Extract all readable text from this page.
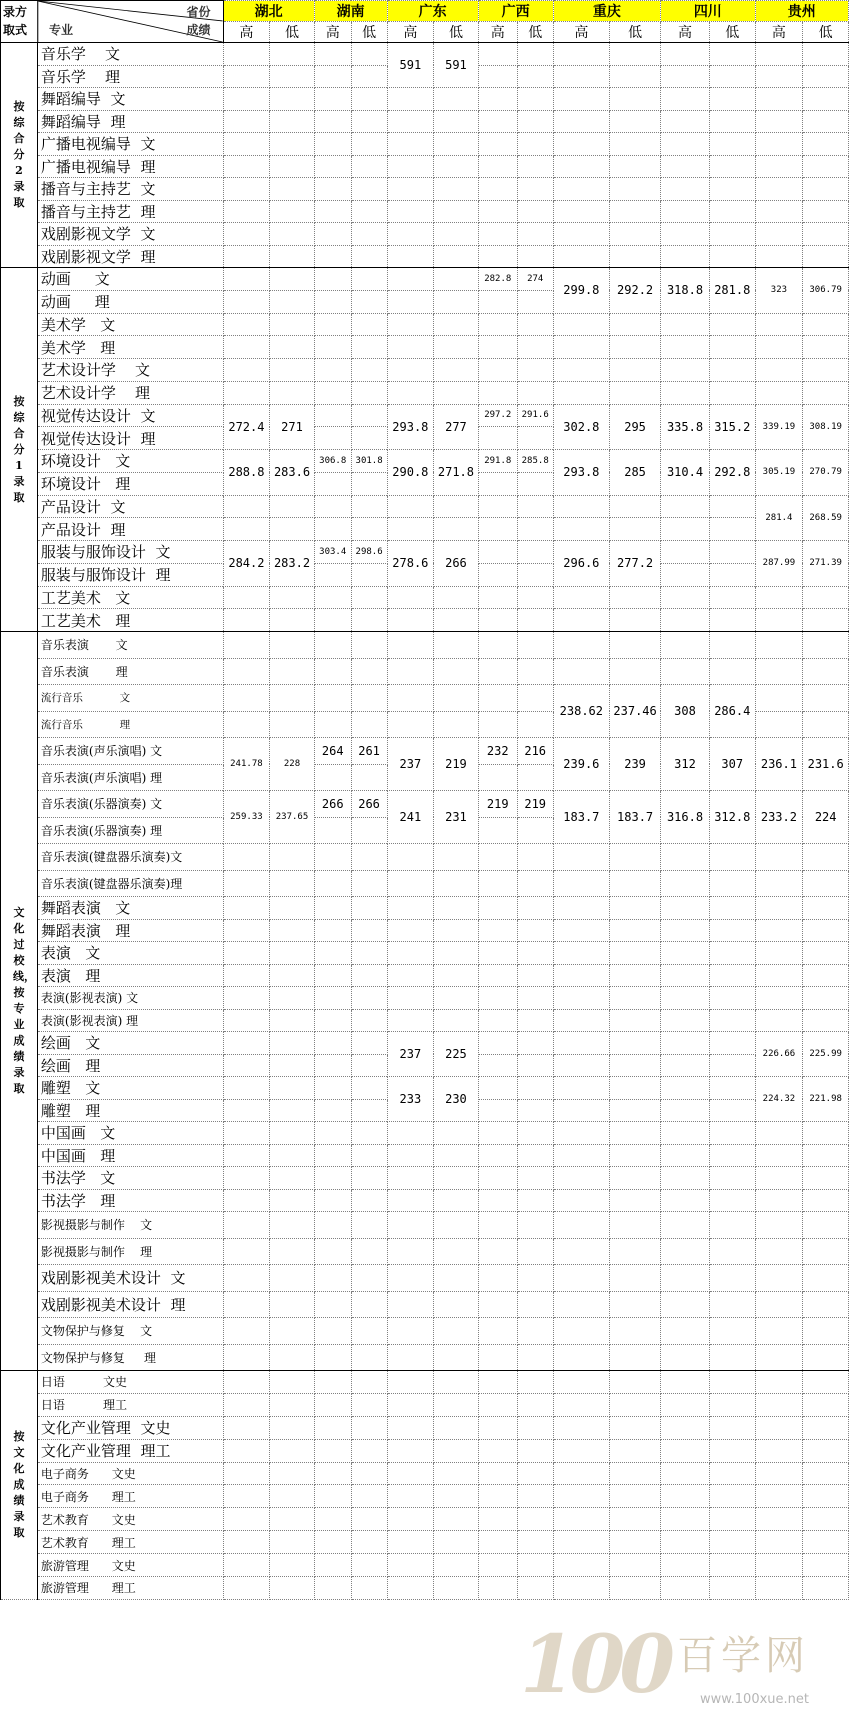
录方
取式
省份
专业 成绩		湖北		湖南		广东		广西		重庆		四川		贵州	
		高	低	高	低	高	低	高	低	高	低	高	低	高	低
按综合分2录取	音乐学    文					591	591								
	音乐学    理														
	舞蹈编导  文														
	舞蹈编导  理														
	广播电视编导  文														
	广播电视编导  理														
	播音与主持艺  文														
	播音与主持艺  理														
	戏剧影视文学  文														
	戏剧影视文学  理														
按综合分1录取	动画     文							282.8	274	299.8	292.2	318.8	281.8	323	306.79
	动画     理														
	美术学   文														
	美术学   理														
	艺术设计学    文														
	艺术设计学    理														
	视觉传达设计  文	272.4	271			293.8	277	297.2	291.6	302.8	295	335.8	315.2	339.19	308.19
	视觉传达设计  理														
	环境设计   文	288.8	283.6	306.8	301.8	290.8	271.8	291.8	285.8	293.8	285	310.4	292.8	305.19	270.79
	环境设计   理														
	产品设计  文													281.4	268.59
	产品设计  理														
	服装与服饰设计  文	284.2	283.2	303.4	298.6	278.6	266			296.6	277.2			287.99	271.39
	服装与服饰设计  理														
	工艺美术   文														
	工艺美术   理														
文化过校线，按专业成绩录取	音乐表演       文														
	音乐表演       理														
	流行音乐           文									238.62	237.46	308	286.4		
	流行音乐           理														
	音乐表演(声乐演唱) 文	241.78	228	264	261	237	219	232	216	239.6	239	312	307	236.1	231.6
	音乐表演(声乐演唱) 理														
	音乐表演(乐器演奏) 文	259.33	237.65	266	266	241	231	219	219	183.7	183.7	316.8	312.8	233.2	224
	音乐表演(乐器演奏) 理														
	音乐表演(键盘器乐演奏)文														
	音乐表演(键盘器乐演奏)理														
	舞蹈表演   文														
	舞蹈表演   理														
	表演   文														
	表演   理														
	表演(影视表演) 文														
	表演(影视表演) 理														
	绘画   文					237	225							226.66	225.99
	绘画   理														
	雕塑   文					233	230							224.32	221.98
	雕塑   理														
	中国画   文														
	中国画   理														
	书法学   文														
	书法学   理														
	影视摄影与制作    文														
	影视摄影与制作    理														
	戏剧影视美术设计  文														
	戏剧影视美术设计  理														
	文物保护与修复    文														
	文物保护与修复     理														
按文化成绩录取	日语          文史														
	日语          理工														
	文化产业管理  文史														
	文化产业管理  理工														
	电子商务      文史														
	电子商务      理工														
	艺术教育      文史														
	艺术教育      理工														
	旅游管理      文史														
	旅游管理      理工														
100 百学网
www.100xue.net
